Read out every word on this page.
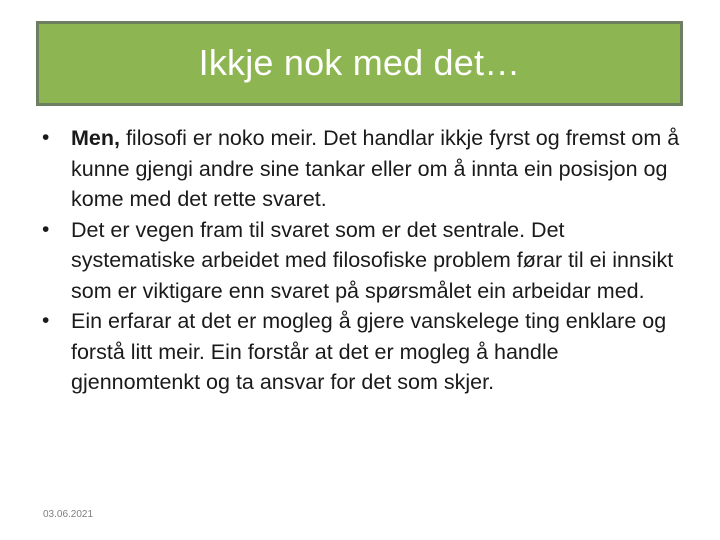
Ikkje nok med det…
•	Men, filosofi er noko meir. Det handlar ikkje fyrst og fremst om å kunne gjengi andre sine tankar eller om å innta ein posisjon og kome med det rette svaret.
•	Det er vegen fram til svaret som er det sentrale. Det systematiske arbeidet med filosofiske problem førar til ei innsikt som er viktigare enn svaret på spørsmålet ein arbeidar med.
•	Ein erfarar at det er mogleg å gjere vanskelege ting enklare og forstå litt meir. Ein forstår at det er mogleg å handle gjennomtenkt og ta ansvar for det som skjer.
03.06.2021
